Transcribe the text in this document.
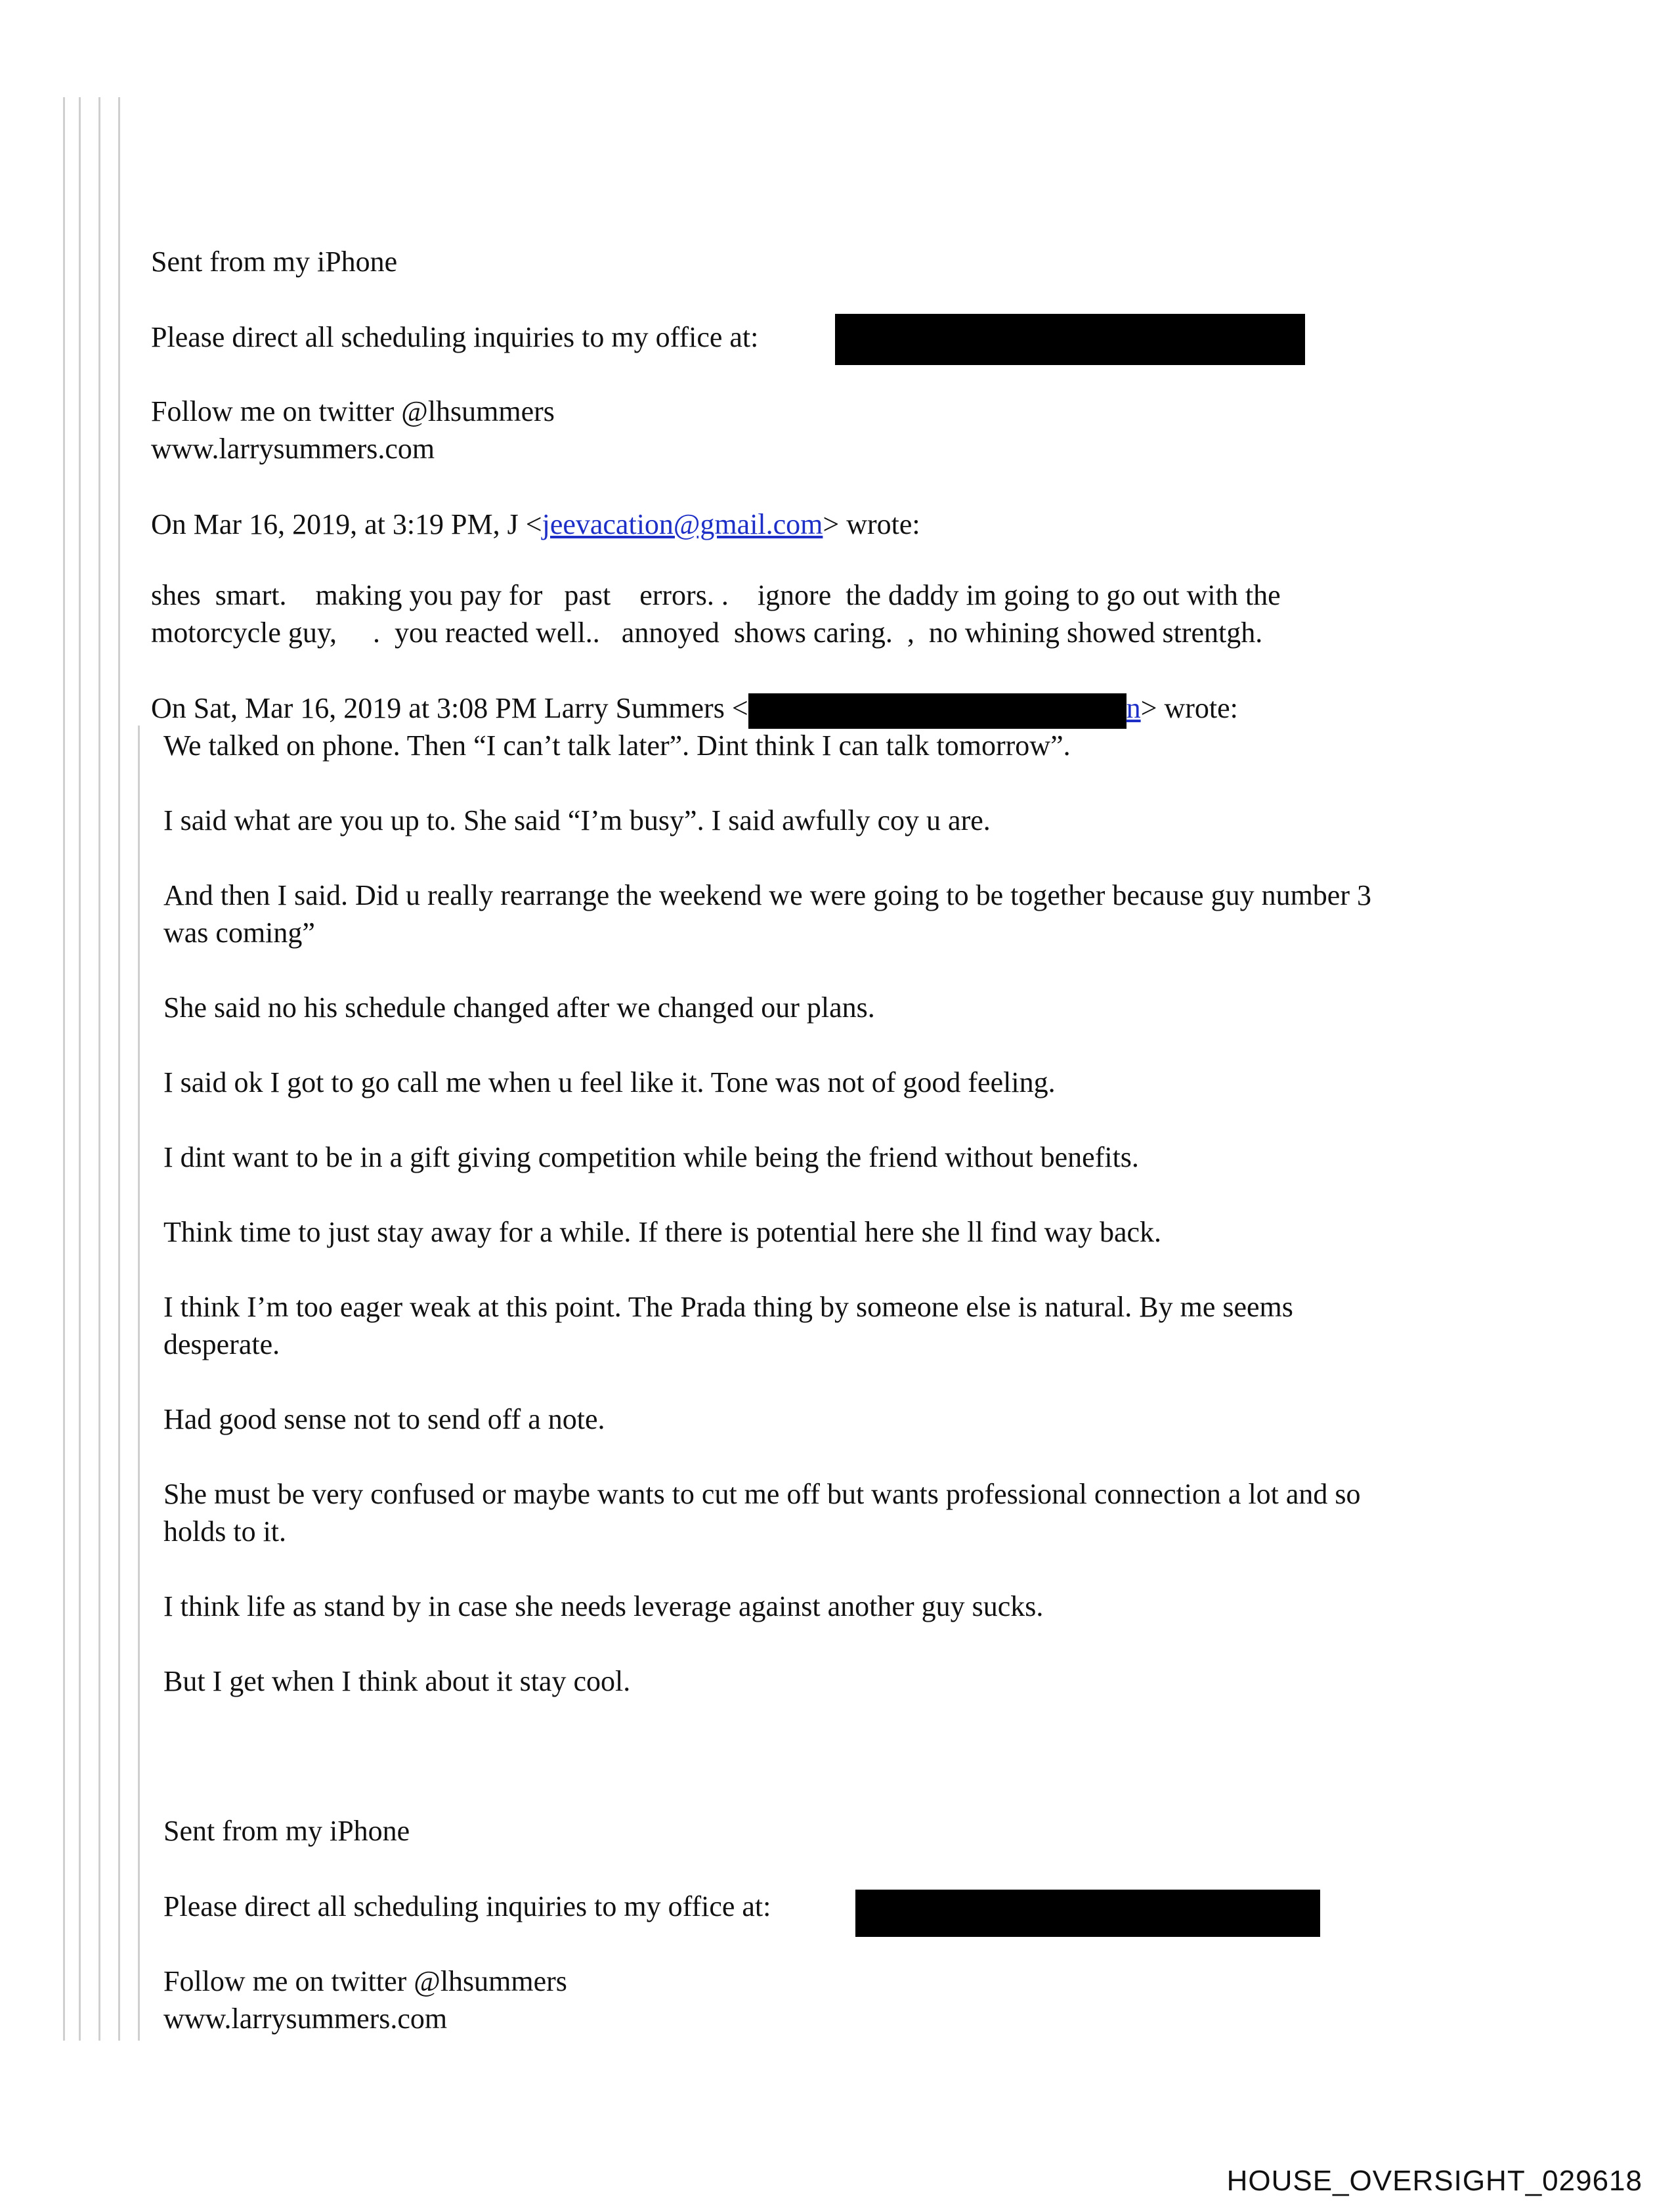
Sent from my iPhone
Please direct all scheduling inquiries to my office at:
Follow me on twitter @lhsummers
www.larrysummers.com
On Mar 16, 2019, at 3:19 PM, J <jeevacation@gmail.com> wrote:
shes  smart.    making you pay for   past    errors. .    ignore  the daddy im going to go out with the
motorcycle guy,     .  you reacted well..   annoyed  shows caring.  ,  no whining showed strentgh.
On Sat, Mar 16, 2019 at 3:08 PM Larry Summers <	n> wrote:
We talked on phone. Then “I can’t talk later”. Dint think I can talk tomorrow”.
I said what are you up to. She said “I’m busy”. I said awfully coy u are.
And then I said. Did u really rearrange the weekend we were going to be together because guy number 3
was coming”
She said no his schedule changed after we changed our plans.
I said ok I got to go call me when u feel like it. Tone was not of good feeling.
I dint want to be in a gift giving competition while being the friend without benefits.
Think time to just stay away for a while. If there is potential here she ll find way back.
I think I’m too eager weak at this point. The Prada thing by someone else is natural. By me seems
desperate.
Had good sense not to send off a note.
She must be very confused or maybe wants to cut me off but wants professional connection a lot and so
holds to it.
I think life as stand by in case she needs leverage against another guy sucks.
But I get when I think about it stay cool.
Sent from my iPhone
Please direct all scheduling inquiries to my office at:
Follow me on twitter @lhsummers
www.larrysummers.com
HOUSE_OVERSIGHT_029618
